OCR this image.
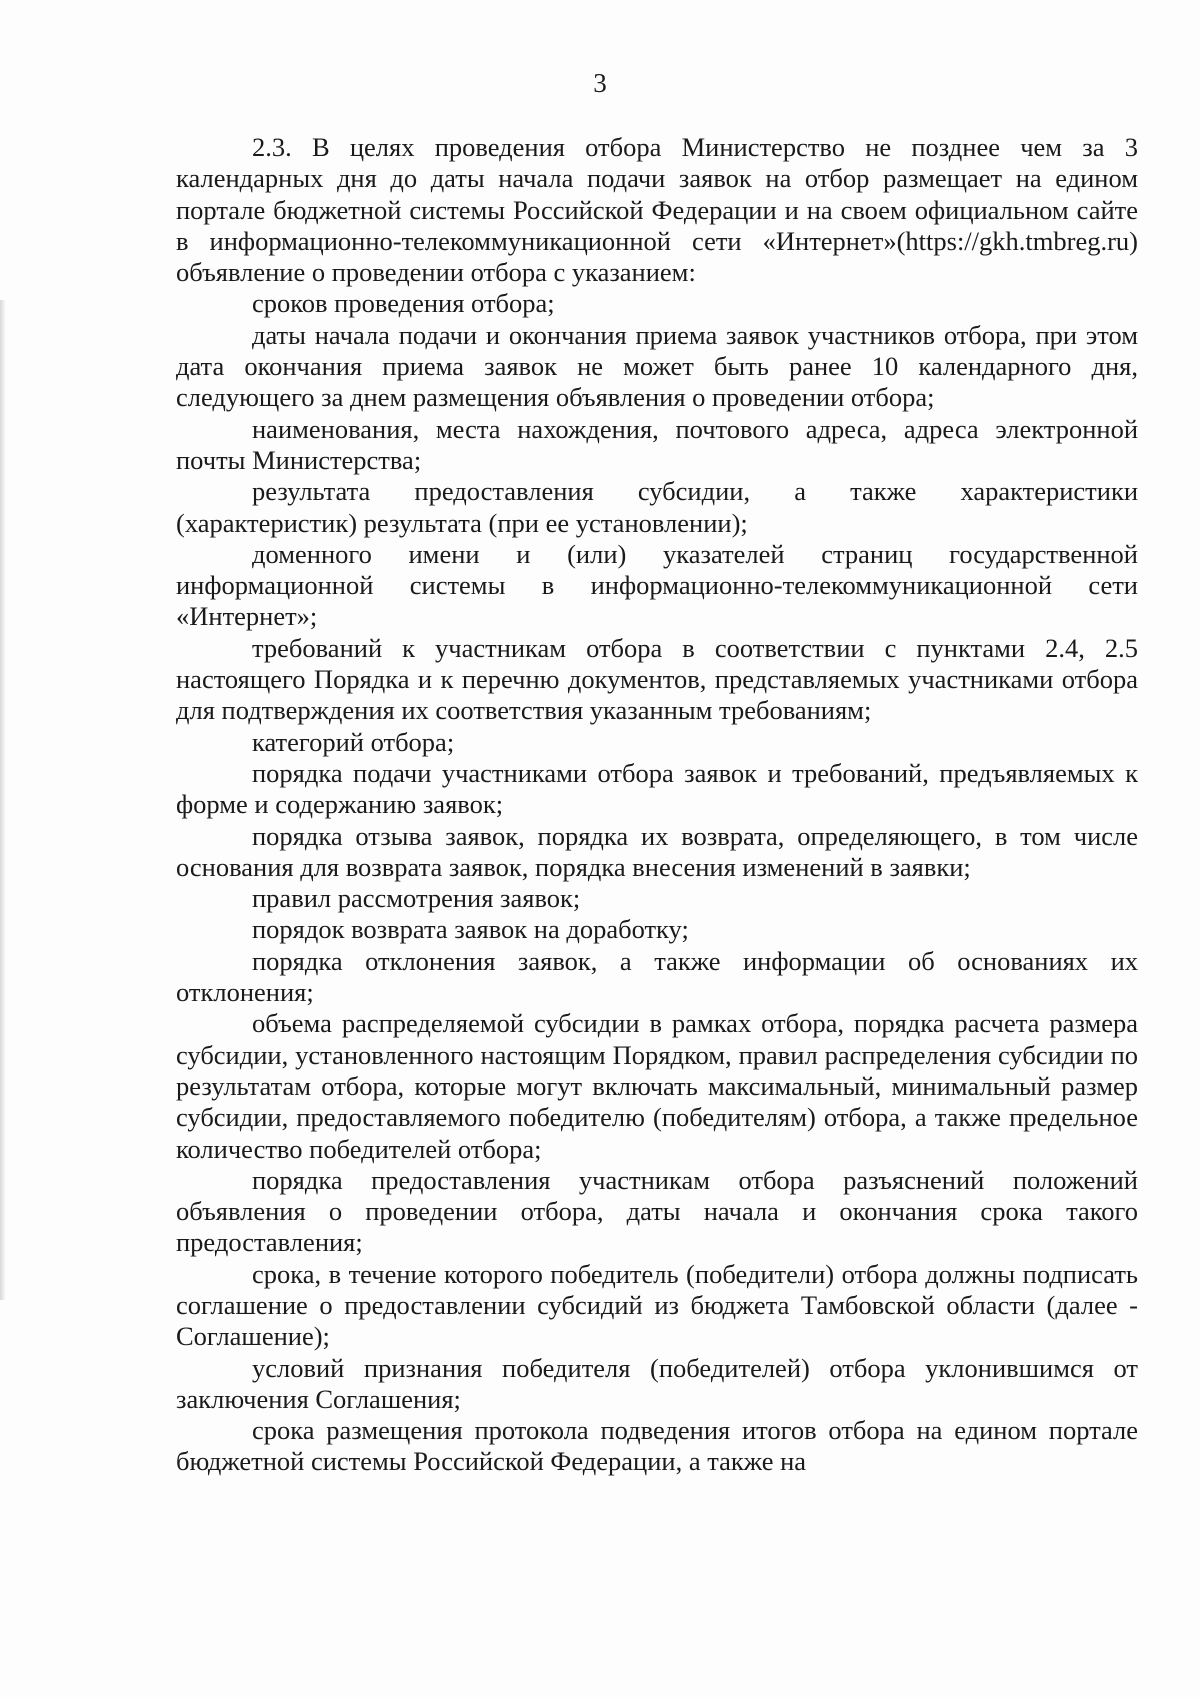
3

2.3. В целях проведения отбора Министерство не позднее чем за 3 календарных дня до даты начала подачи заявок на отбор размещает на едином портале бюджетной системы Российской Федерации и на своем официальном сайте в информационно-телекоммуникационной сети «Интернет»(https://gkh.tmbreg.ru) объявление о проведении отбора с указанием:

сроков проведения отбора;

даты начала подачи и окончания приема заявок участников отбора, при этом дата окончания приема заявок не может быть ранее 10 календарного дня, следующего за днем размещения объявления о проведении отбора;

наименования, места нахождения, почтового адреса, адреса электронной почты Министерства;

результата предоставления субсидии, а также характеристики (характеристик) результата (при ее установлении);

доменного имени и (или) указателей страниц государственной информационной системы в информационно-телекоммуникационной сети «Интернет»;

требований к участникам отбора в соответствии с пунктами 2.4, 2.5 настоящего Порядка и к перечню документов, представляемых участниками отбора для подтверждения их соответствия указанным требованиям;

категорий отбора;

порядка подачи участниками отбора заявок и требований, предъявляемых к форме и содержанию заявок;

порядка отзыва заявок, порядка их возврата, определяющего, в том числе основания для возврата заявок, порядка внесения изменений в заявки;

правил рассмотрения заявок;

порядок возврата заявок на доработку;

порядка отклонения заявок, а также информации об основаниях их отклонения;

объема распределяемой субсидии в рамках отбора, порядка расчета размера субсидии, установленного настоящим Порядком, правил распределения субсидии по результатам отбора, которые могут включать максимальный, минимальный размер субсидии, предоставляемого победителю (победителям) отбора, а также предельное количество победителей отбора;

порядка предоставления участникам отбора разъяснений положений объявления о проведении отбора, даты начала и окончания срока такого предоставления;

срока, в течение которого победитель (победители) отбора должны подписать соглашение о предоставлении субсидий из бюджета Тамбовской области (далее - Соглашение);

условий признания победителя (победителей) отбора уклонившимся от заключения Соглашения;

срока размещения протокола подведения итогов отбора на едином портале бюджетной системы Российской Федерации, а также на
